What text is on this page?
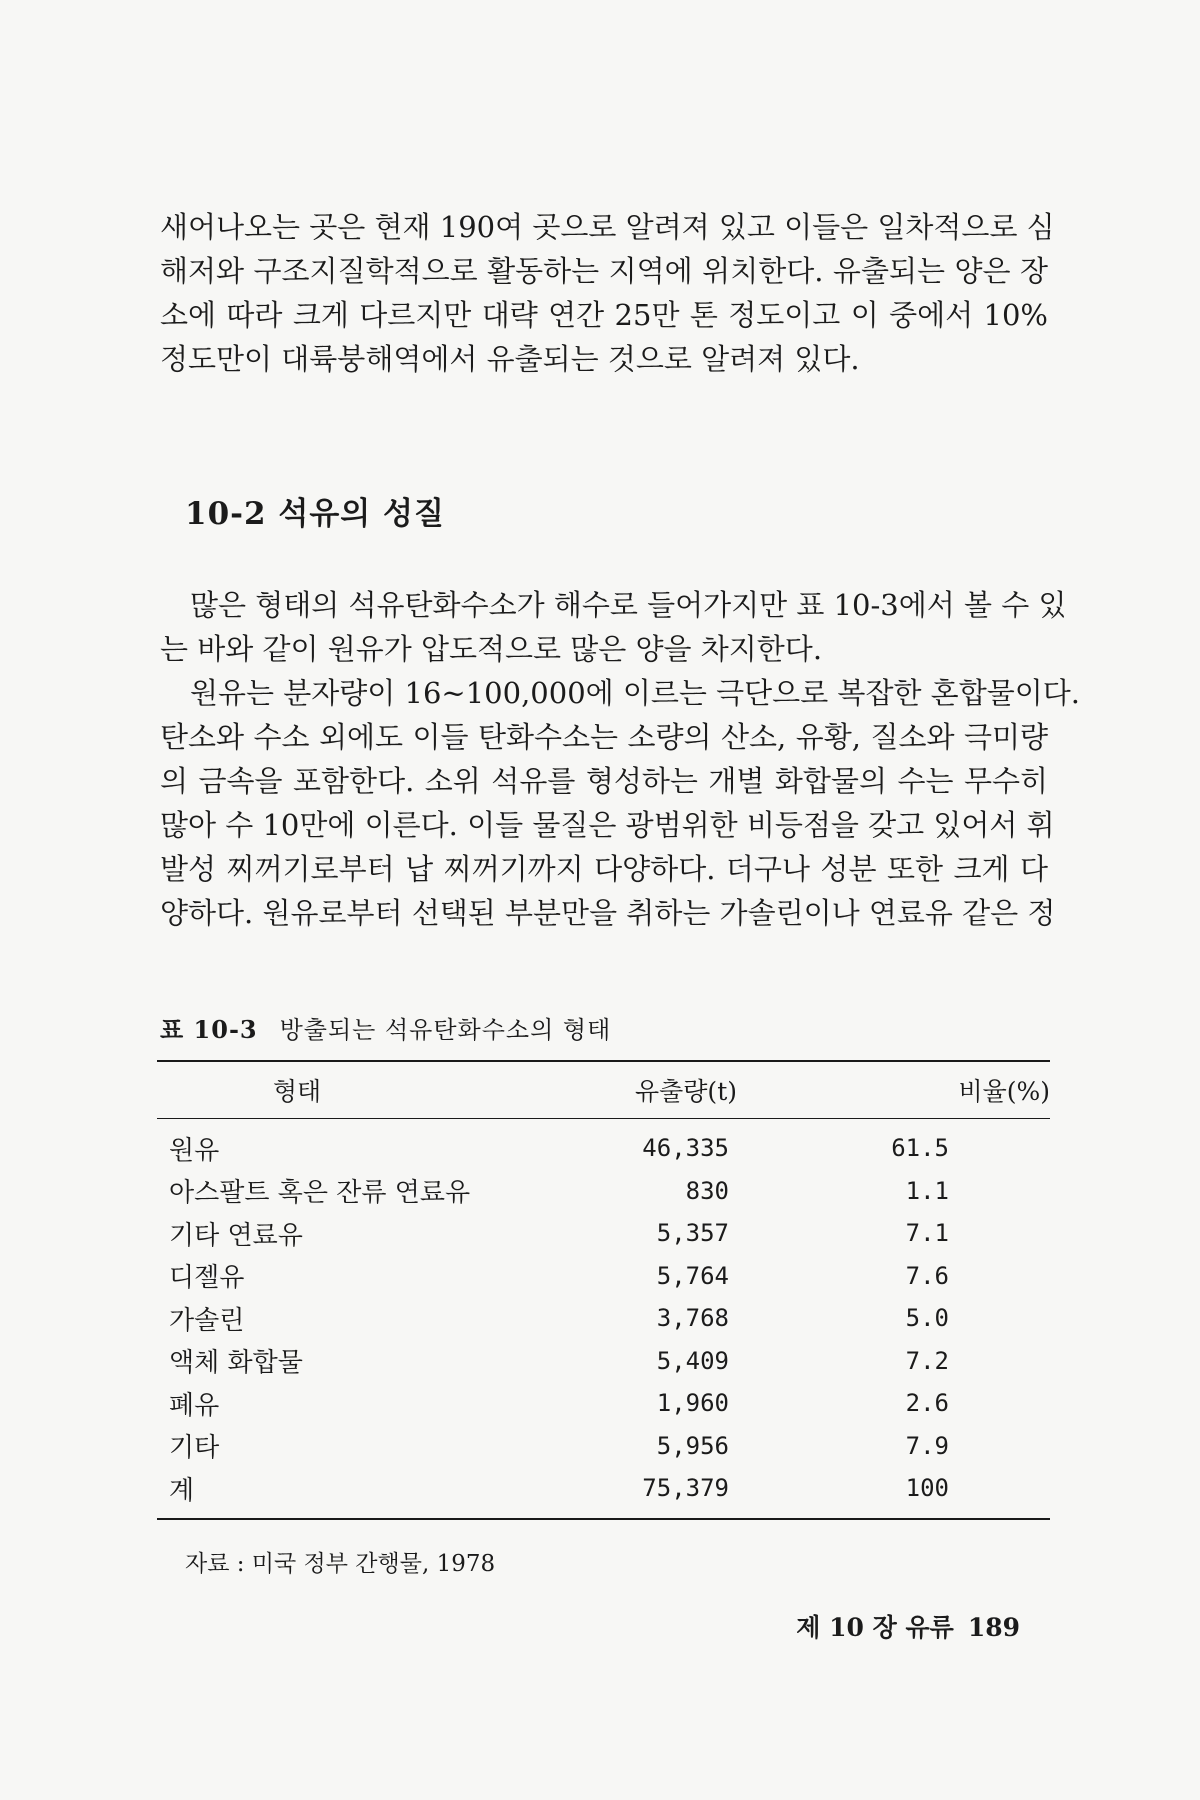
새어나오는 곳은 현재 190여 곳으로 알려져 있고 이들은 일차적으로 심
해저와 구조지질학적으로 활동하는 지역에 위치한다. 유출되는 양은 장
소에 따라 크게 다르지만 대략 연간 25만 톤 정도이고 이 중에서 10%
정도만이 대륙붕해역에서 유출되는 것으로 알려져 있다.
10-2 석유의 성질
많은 형태의 석유탄화수소가 해수로 들어가지만 표 10-3에서 볼 수 있
는 바와 같이 원유가 압도적으로 많은 양을 차지한다.
원유는 분자량이 16~100,000에 이르는 극단으로 복잡한 혼합물이다.
탄소와 수소 외에도 이들 탄화수소는 소량의 산소, 유황, 질소와 극미량
의 금속을 포함한다. 소위 석유를 형성하는 개별 화합물의 수는 무수히
많아 수 10만에 이른다. 이들 물질은 광범위한 비등점을 갖고 있어서 휘
발성 찌꺼기로부터 납 찌꺼기까지 다양하다. 더구나 성분 또한 크게 다
양하다. 원유로부터 선택된 부분만을 취하는 가솔린이나 연료유 같은 정
표 10-3 방출되는 석유탄화수소의 형태
형태	유출량(t)	비율(%)
원유	46,335	61.5
아스팔트 혹은 잔류 연료유	830	1.1
기타 연료유	5,357	7.1
디젤유	5,764	7.6
가솔린	3,768	5.0
액체 화합물	5,409	7.2
폐유	1,960	2.6
기타	5,956	7.9
계	75,379	100
자료 : 미국 정부 간행물, 1978
제 10 장 유류 189
